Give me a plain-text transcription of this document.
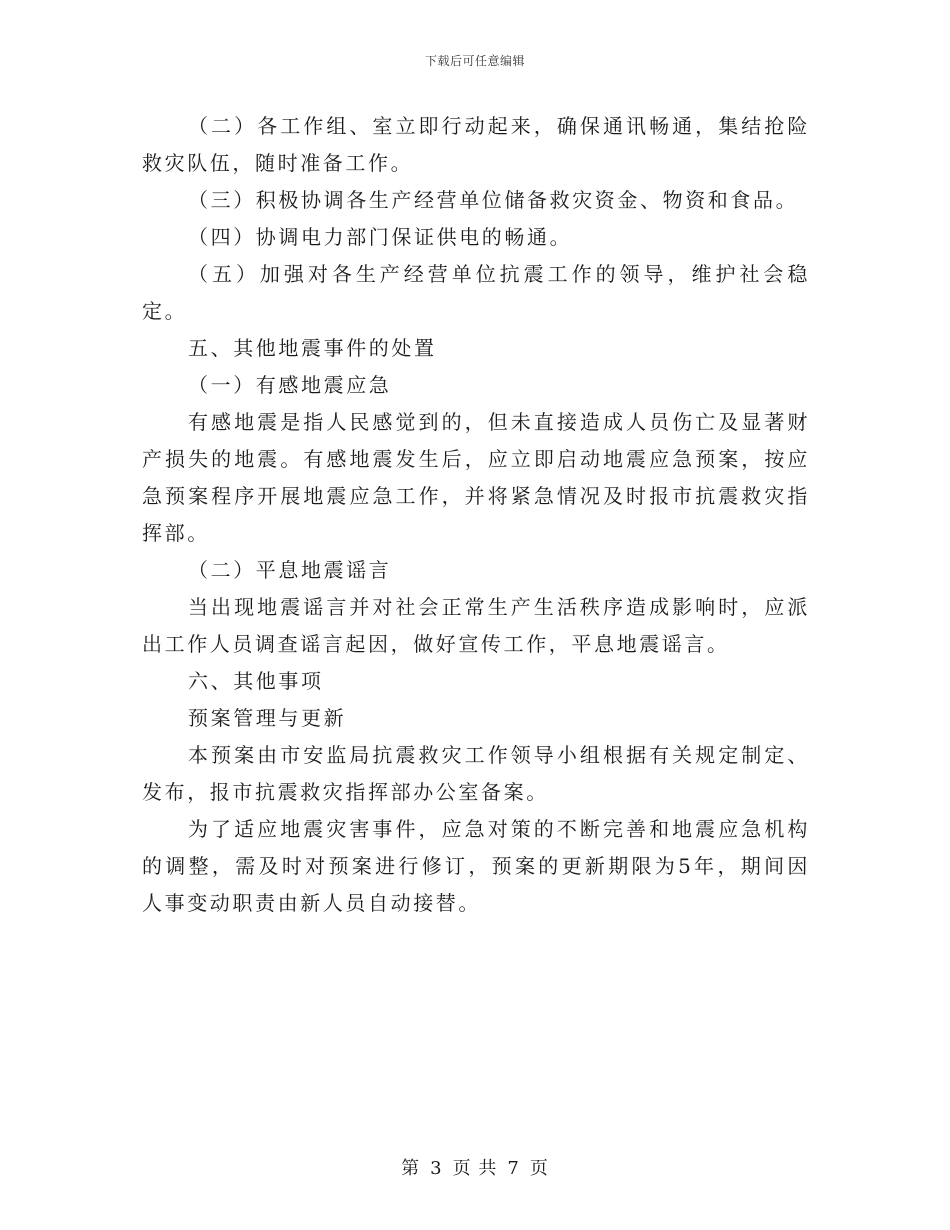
下载后可任意编辑

（二）各工作组、室立即行动起来，确保通讯畅通，集结抢险救灾队伍，随时准备工作。

（三）积极协调各生产经营单位储备救灾资金、物资和食品。

（四）协调电力部门保证供电的畅通。

（五）加强对各生产经营单位抗震工作的领导，维护社会稳定。

五、其他地震事件的处置

（一）有感地震应急

有感地震是指人民感觉到的，但未直接造成人员伤亡及显著财产损失的地震。有感地震发生后，应立即启动地震应急预案，按应急预案程序开展地震应急工作，并将紧急情况及时报市抗震救灾指挥部。

（二）平息地震谣言

当出现地震谣言并对社会正常生产生活秩序造成影响时，应派出工作人员调查谣言起因，做好宣传工作，平息地震谣言。

六、其他事项

预案管理与更新

本预案由市安监局抗震救灾工作领导小组根据有关规定制定、发布，报市抗震救灾指挥部办公室备案。

为了适应地震灾害事件，应急对策的不断完善和地震应急机构的调整，需及时对预案进行修订，预案的更新期限为5年，期间因人事变动职责由新人员自动接替。

第 3 页 共 7 页
